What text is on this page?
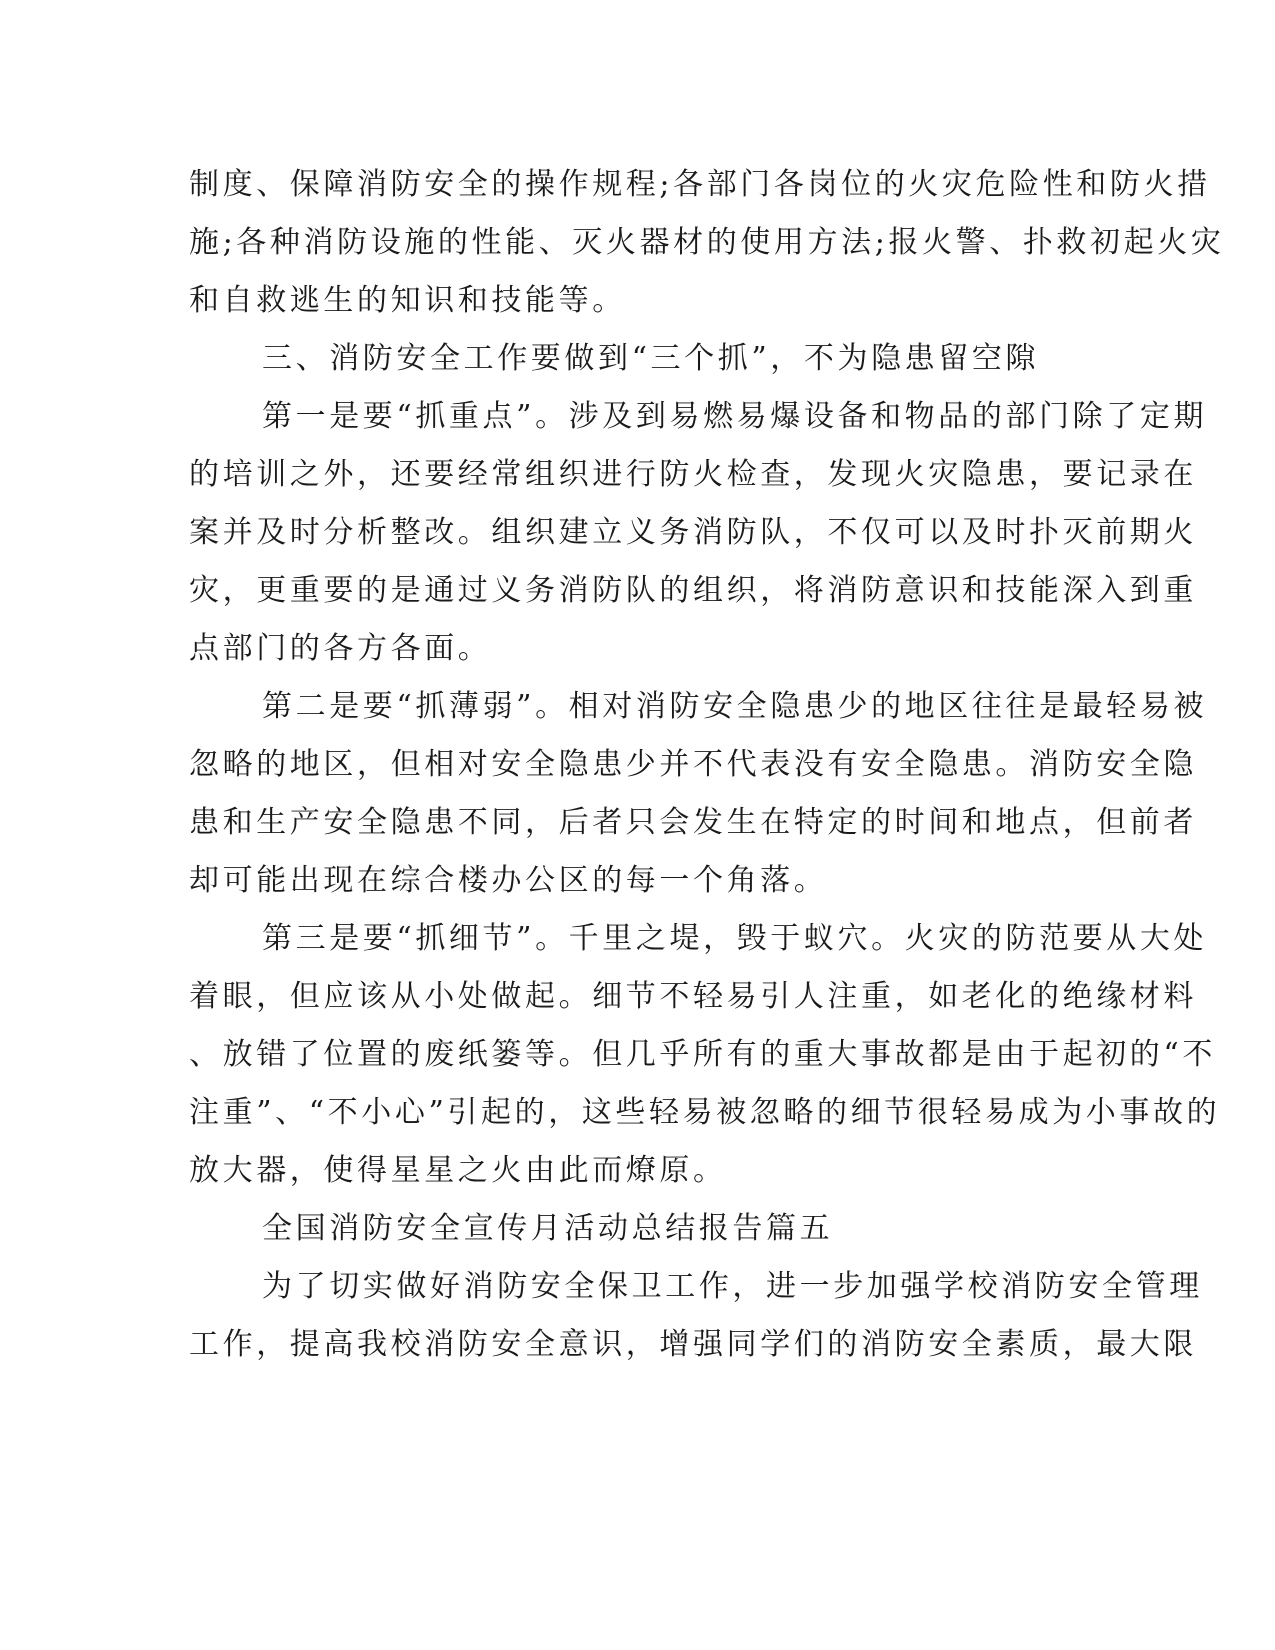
制度、保障消防安全的操作规程;各部门各岗位的火灾危险性和防火措
施;各种消防设施的性能、灭火器材的使用方法;报火警、扑救初起火灾
和自救逃生的知识和技能等。
三、消防安全工作要做到“三个抓”，不为隐患留空隙
第一是要“抓重点”。涉及到易燃易爆设备和物品的部门除了定期
的培训之外，还要经常组织进行防火检查，发现火灾隐患，要记录在
案并及时分析整改。组织建立义务消防队，不仅可以及时扑灭前期火
灾，更重要的是通过义务消防队的组织，将消防意识和技能深入到重
点部门的各方各面。
第二是要“抓薄弱”。相对消防安全隐患少的地区往往是最轻易被
忽略的地区，但相对安全隐患少并不代表没有安全隐患。消防安全隐
患和生产安全隐患不同，后者只会发生在特定的时间和地点，但前者
却可能出现在综合楼办公区的每一个角落。
第三是要“抓细节”。千里之堤，毁于蚁穴。火灾的防范要从大处
着眼，但应该从小处做起。细节不轻易引人注重，如老化的绝缘材料
、放错了位置的废纸篓等。但几乎所有的重大事故都是由于起初的“不
注重”、“不小心”引起的，这些轻易被忽略的细节很轻易成为小事故的
放大器，使得星星之火由此而燎原。
全国消防安全宣传月活动总结报告篇五
为了切实做好消防安全保卫工作，进一步加强学校消防安全管理
工作，提高我校消防安全意识，增强同学们的消防安全素质，最大限
